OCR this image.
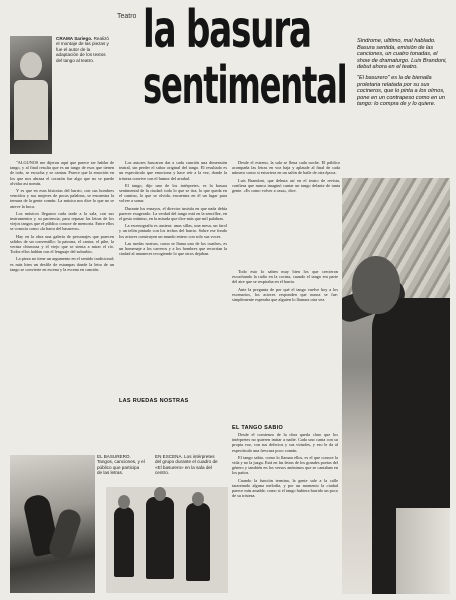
Teatro
CRAMA Sariego. Realizó el montaje de las piezas y fue el autor de la adaptación de los textos del tango al teatro.
la basura
sentimental

Sindrome, ulttimo, mal hablado. Basura sentida, emisión de las canciones, un cuatro tonadas, el show de dramaturgo. Luis Brandoni, debut ahora en el teatro.

"El basurero" es la de bienalla proletaria relatada por su sus cocineros, que lo pinta a los oímos, pone en un contrapeso como en un tango: lo compra de y lo quiere.

"ALGUNOS me dijeron aquí que parece ser hablar de tango, y al final resulta que es un tango de esos que tienen de todo, se escucha y se cantan. Parece que la emoción en los que nos abraza el corazón fue algo que no se puede olvidar así nomás.

Y es que en esas historias del barrio, con sus hombres vencidos y sus mujeres de pocas palabras, se encuentra la ternura de la gente común. La música nos dice lo que no se atreve la boca.

Los músicos llegaron cada tarde a la sala, con sus instrumentos y su paciencia, para repasar las letras de los viejos tangos que el público conoce de memoria. Entre ellos se conocía como «la barra del basurero».

Hay en la obra una galería de personajes que parecen salidos de un conventillo: la patrona, el cantor, el pibe, la vecina chismosa y el viejo que se sienta a mirar el río. Todos ellos hablan con el lenguaje del suburbio.

La pieza no tiene un argumento en el sentido tradicional; es más bien un desfile de estampas donde la letra de un tango se convierte en escena y la escena en canción.

Los autores buscaron dar a cada canción una dimensión teatral, sin perder el sabor original del tango. El resultado es un espectáculo que emociona y hace reír a la vez, donde la tristeza convive con el humor del arrabal.

El tango, dijo uno de los intérpretes, es la basura sentimental de la ciudad: todo lo que se tira, lo que queda en el camino, lo que se olvida, encuentra en él un lugar para volver a sonar.

Durante los ensayos, el director insistía en que nada debía parecer exagerado. La verdad del tango está en la sencillez, en el gesto mínimo, en la mirada que dice más que mil palabras.

La escenografía es austera: unas sillas, una mesa, un farol y un telón pintado con los techos del barrio. Sobre ese fondo los actores construyen un mundo entero con solo sus voces.

Las ruedas nostras, como se llama uno de los cuadros, es un homenaje a los carreros y a los hombres que recorrían la ciudad al amanecer recogiendo lo que otros dejaban.

LAS RUEDAS NOSTRAS

Desde el estreno, la sala se llena cada noche. El público acompaña las letras en voz baja y aplaude al final de cada número como si estuviera en un salón de baile de otra época.

Luis Brandoni, que debuta así en el teatro de revista, confiesa que nunca imaginó cantar un tango delante de tanta gente. «Es como volver a casa», dice.

Todo esto lo saben muy bien los que crecieron escuchando la radio en la cocina, cuando el tango era parte del aire que se respiraba en el barrio.

Ante la pregunta de por qué el tango vuelve hoy a los escenarios, los actores responden que nunca se fue: simplemente esperaba que alguien lo llamara otra vez.

EL TANGO SABIO

Desde el comienzo de la obra queda claro que los intérpretes no quieren imitar a nadie. Cada uno canta con su propia voz, con sus defectos y sus virtudes, y eso le da al espectáculo una frescura poco común.

El tango sabio, como lo llaman ellos, es el que conoce la vida y no la juzga. Está en las letras de los grandes poetas del género y también en los versos anónimos que se cantaban en los patios.

Cuando la función termina, la gente sale a la calle tarareando alguna melodía, y por un momento la ciudad parece más amable, como si el tango hubiera barrido un poco de su tristeza.

EL BASURERO. Tangos, canciones, y el público que participa de las letras.
EN ESCENA. Los intérpretes del grupo durante el cuadro de «El basurero» en la sala del centro.
